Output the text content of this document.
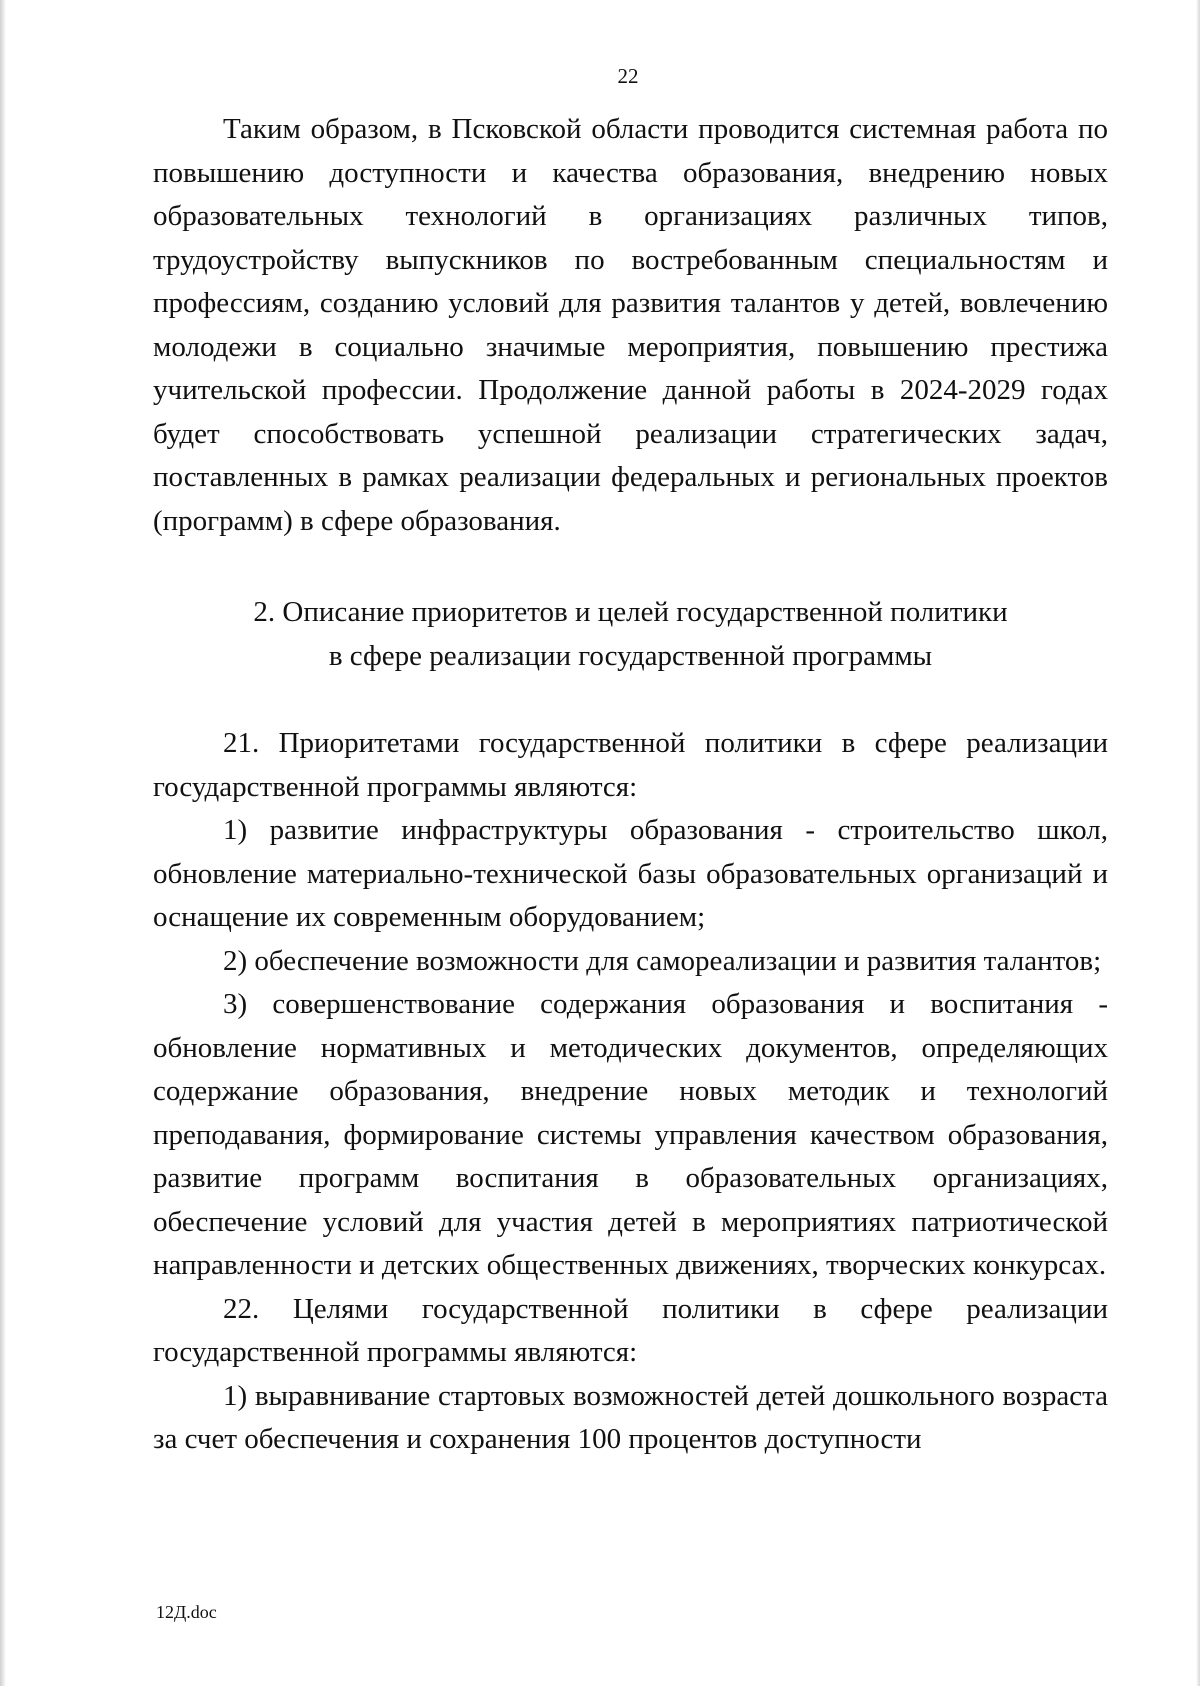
22

Таким образом, в Псковской области проводится системная работа по повышению доступности и качества образования, внедрению новых образовательных технологий в организациях различных типов, трудоустройству выпускников по востребованным специальностям и профессиям, созданию условий для развития талантов у детей, вовлечению молодежи в социально значимые мероприятия, повышению престижа учительской профессии. Продолжение данной работы в 2024-2029 годах будет способствовать успешной реализации стратегических задач, поставленных в рамках реализации федеральных и региональных проектов (программ) в сфере образования.

2. Описание приоритетов и целей государственной политики
в сфере реализации государственной программы

21. Приоритетами государственной политики в сфере реализации государственной программы являются:

1) развитие инфраструктуры образования - строительство школ, обновление материально-технической базы образовательных организаций и оснащение их современным оборудованием;

2) обеспечение возможности для самореализации и развития талантов;

3) совершенствование содержания образования и воспитания - обновление нормативных и методических документов, определяющих содержание образования, внедрение новых методик и технологий преподавания, формирование системы управления качеством образования, развитие программ воспитания в образовательных организациях, обеспечение условий для участия детей в мероприятиях патриотической направленности и детских общественных движениях, творческих конкурсах.

22. Целями государственной политики в сфере реализации государственной программы являются:

1) выравнивание стартовых возможностей детей дошкольного возраста за счет обеспечения и сохранения 100 процентов доступности

12Д.doc
